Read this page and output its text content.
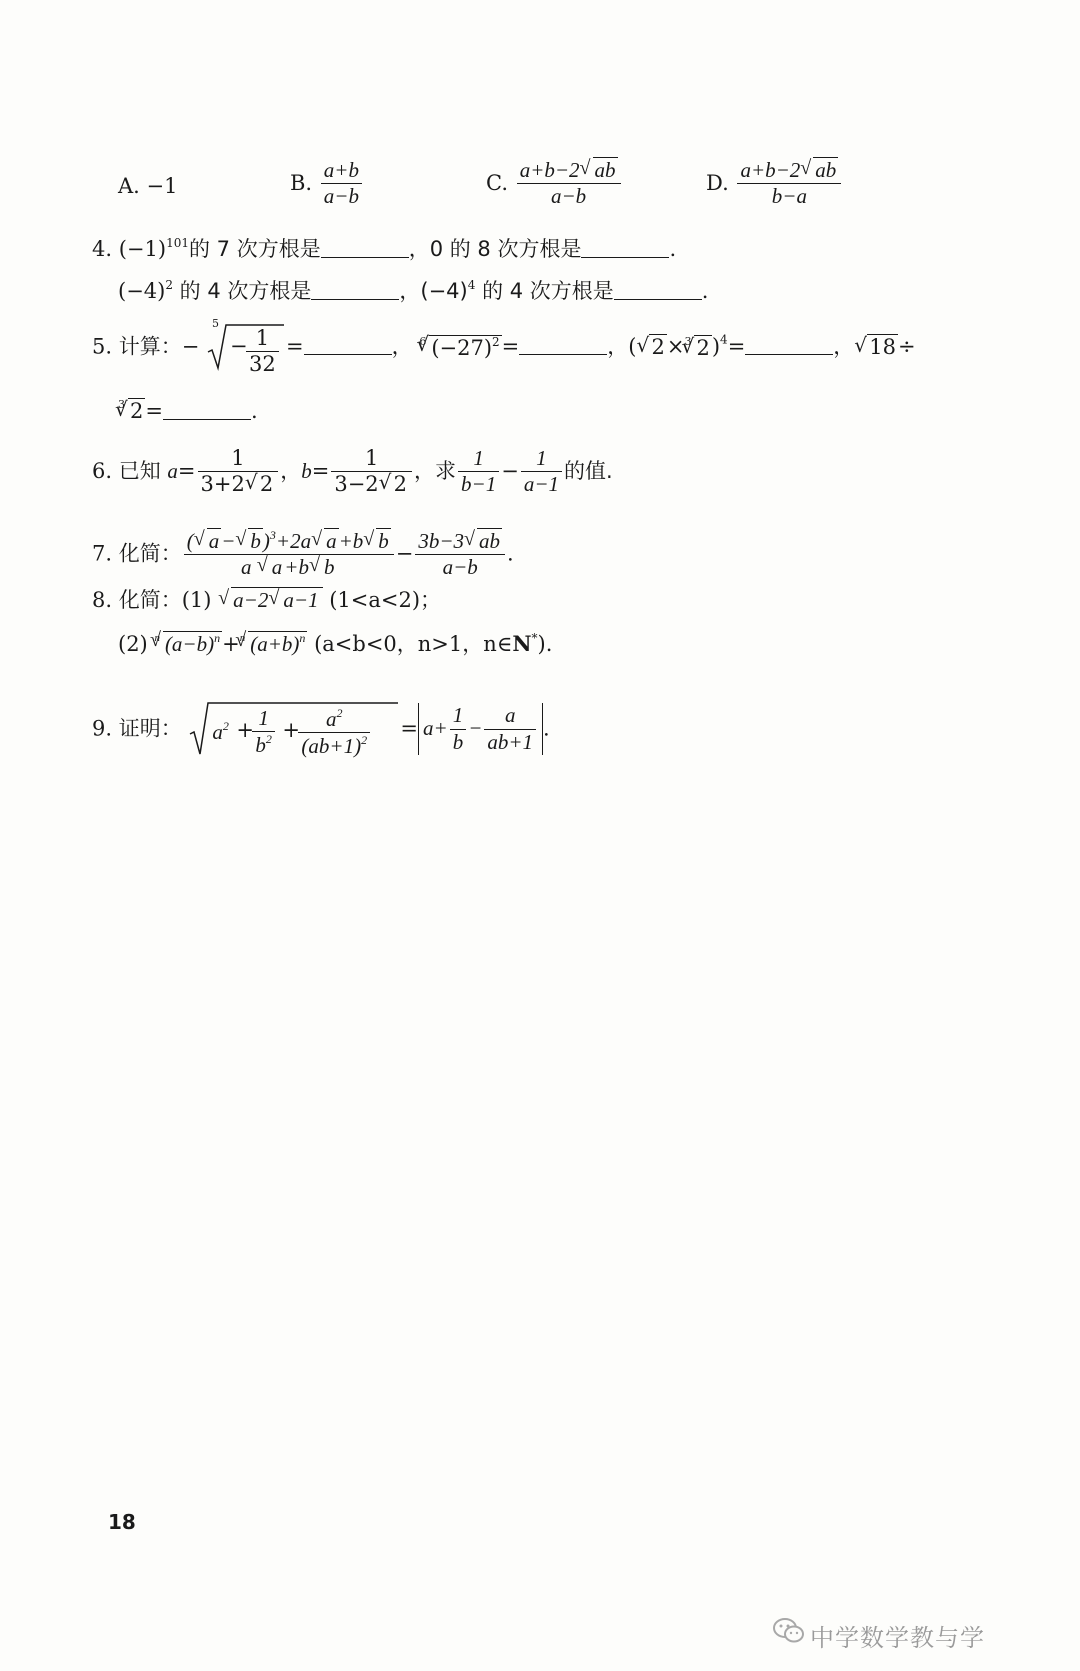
A. −1	B. $\frac{a+b}{a-b}$	C. $\frac{a+b-2√ ab}{a-b}$	D. $\frac{a+b-2√ ab}{b-a}$
4. $(-1)^{101}$的 7 次方根是	，0 的 8 次方根是	.
$(-4)^2$ 的 4 次方根是	，$(-4)^4$ 的 4 次方根是	.
5. 计算：−
5
−
$\frac{1}{32}$ =	， $^6$√ $(-27)^2=$	，(√ 2×$^3$√ 2)$^4$=	，√ 18÷
$^3$√ 2=	.
6. 已知 $a= \frac{1}{3+2√ 2}$ ，$b= \frac{1}{3-2√ 2}$ ，求 $\frac{1}{b-1} - \frac{1}{a-1}$ 的值.
7. 化简： $\frac{(√ a-√ b)^3+2a√ a+b√ b}{a √ a+b√ b} - \frac{3b-3√ ab}{a-b}$ .
8. 化简：(1) √ a−2√ a−1 (1<a<2)；
(2) $^n$√ $(a-b)^n+^n√$ $(a+b)^n$ (a<b<0，n>1，n∈N*).
9. 证明： $a^2$ +
$\frac{1}{b^2}$ +
$\frac{a^2}{(ab+1)^2} = a+ \frac{1}{b} - \frac{a}{ab+1}$ .
18
中学数学教与学
